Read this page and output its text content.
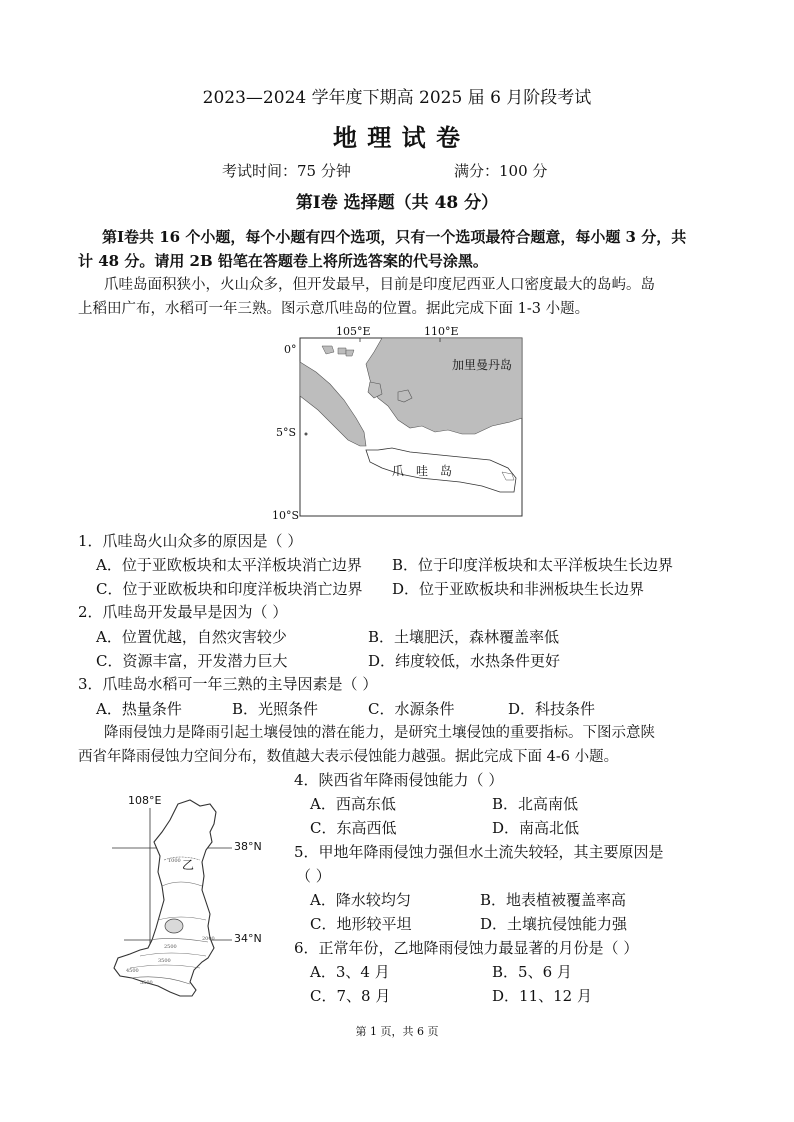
2023—2024 学年度下期高 2025 届 6 月阶段考试
地 理 试 卷
考试时间：75 分钟	满分：100 分
第Ⅰ卷 选择题（共 48 分）
第Ⅰ卷共 16 个小题，每个小题有四个选项，只有一个选项最符合题意，每小题 3 分，共
计 48 分。请用 2B 铅笔在答题卷上将所选答案的代号涂黑。
爪哇岛面积狭小，火山众多，但开发最早，目前是印度尼西亚人口密度最大的岛屿。岛
上稻田广布，水稻可一年三熟。图示意爪哇岛的位置。据此完成下面 1-3 小题。
105°E	110°E
0°
5°S
10°S
加里曼丹岛
爪　哇　岛
1．爪哇岛火山众多的原因是（ ）
A．位于亚欧板块和太平洋板块消亡边界 B．位于印度洋板块和太平洋板块生长边界
C．位于亚欧板块和印度洋板块消亡边界 D．位于亚欧板块和非洲板块生长边界
2．爪哇岛开发最早是因为（ ）
A．位置优越，自然灾害较少	B．土壤肥沃，森林覆盖率低
C．资源丰富，开发潜力巨大	D．纬度较低，水热条件更好
3．爪哇岛水稻可一年三熟的主导因素是（ ）
A．热量条件	B．光照条件	C．水源条件	D．科技条件
降雨侵蚀力是降雨引起土壤侵蚀的潜在能力，是研究土壤侵蚀的重要指标。下图示意陕
西省年降雨侵蚀力空间分布，数值越大表示侵蚀能力越强。据此完成下面 4-6 小题。
1000
2500
3500
4500
5500
2000
108°E
38°N
34°N
乙
4．陕西省年降雨侵蚀能力（ ）
A．西高东低	B．北高南低
C．东高西低	D．南高北低
5．甲地年降雨侵蚀力强但水土流失较轻，其主要原因是
（ ）
A．降水较均匀	B．地表植被覆盖率高
C．地形较平坦	D．土壤抗侵蚀能力强
6．正常年份，乙地降雨侵蚀力最显著的月份是（ ）
A．3、4 月	B．5、6 月
C．7、8 月	D．11、12 月
第 1 页，共 6 页
